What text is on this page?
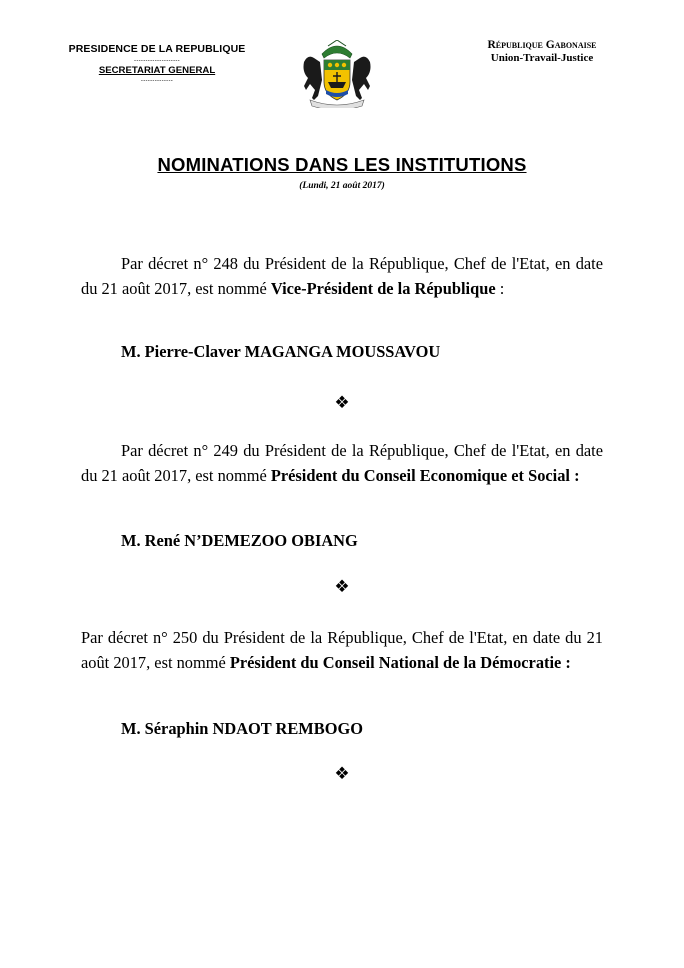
PRESIDENCE DE LA REPUBLIQUE
--------------------
SECRETARIAT GENERAL
--------------
République Gabonaise
Union-Travail-Justice
NOMINATIONS DANS LES INSTITUTIONS
(Lundi, 21 août 2017)
Par décret n° 248 du Président de la République, Chef de l'Etat, en date du 21 août 2017, est nommé Vice-Président de la République :
M. Pierre-Claver MAGANGA MOUSSAVOU
❖
Par décret n° 249 du Président de la République, Chef de l'Etat, en date du 21 août 2017, est nommé Président du Conseil Economique et Social :
M. René N’DEMEZOO OBIANG
❖
Par décret n° 250 du Président de la République, Chef de l'Etat, en date du 21 août 2017, est nommé Président du Conseil National de la Démocratie :
M. Séraphin NDAOT REMBOGO
❖
